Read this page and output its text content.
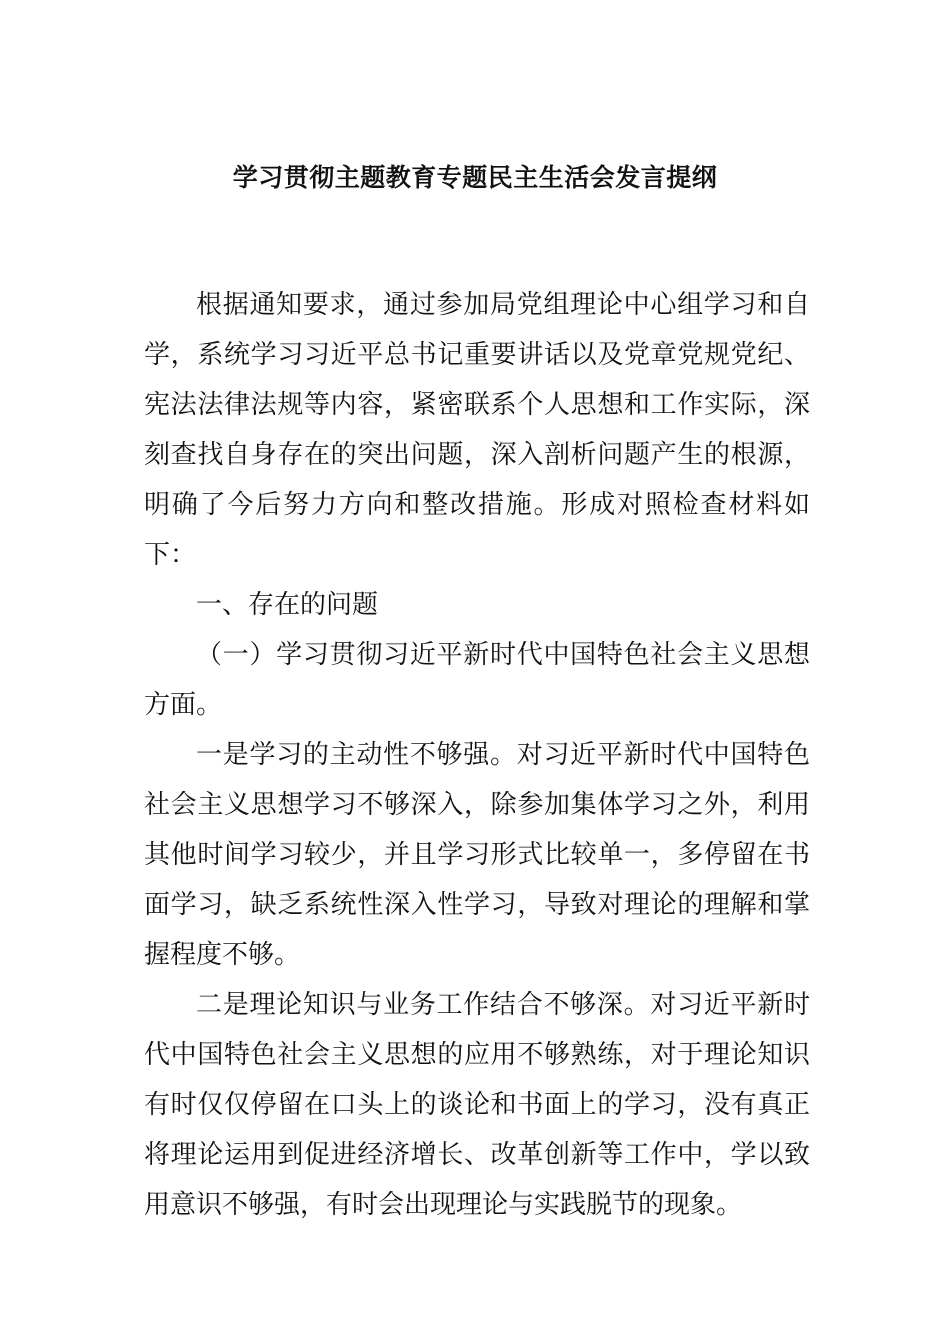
学习贯彻主题教育专题民主生活会发言提纲

根据通知要求，通过参加局党组理论中心组学习和自学，系统学习习近平总书记重要讲话以及党章党规党纪、宪法法律法规等内容，紧密联系个人思想和工作实际，深刻查找自身存在的突出问题，深入剖析问题产生的根源，明确了今后努力方向和整改措施。形成对照检查材料如下：

一、存在的问题

（一）学习贯彻习近平新时代中国特色社会主义思想方面。

一是学习的主动性不够强。对习近平新时代中国特色社会主义思想学习不够深入，除参加集体学习之外，利用其他时间学习较少，并且学习形式比较单一，多停留在书面学习，缺乏系统性深入性学习，导致对理论的理解和掌握程度不够。

二是理论知识与业务工作结合不够深。对习近平新时代中国特色社会主义思想的应用不够熟练，对于理论知识有时仅仅停留在口头上的谈论和书面上的学习，没有真正将理论运用到促进经济增长、改革创新等工作中，学以致用意识不够强，有时会出现理论与实践脱节的现象。
